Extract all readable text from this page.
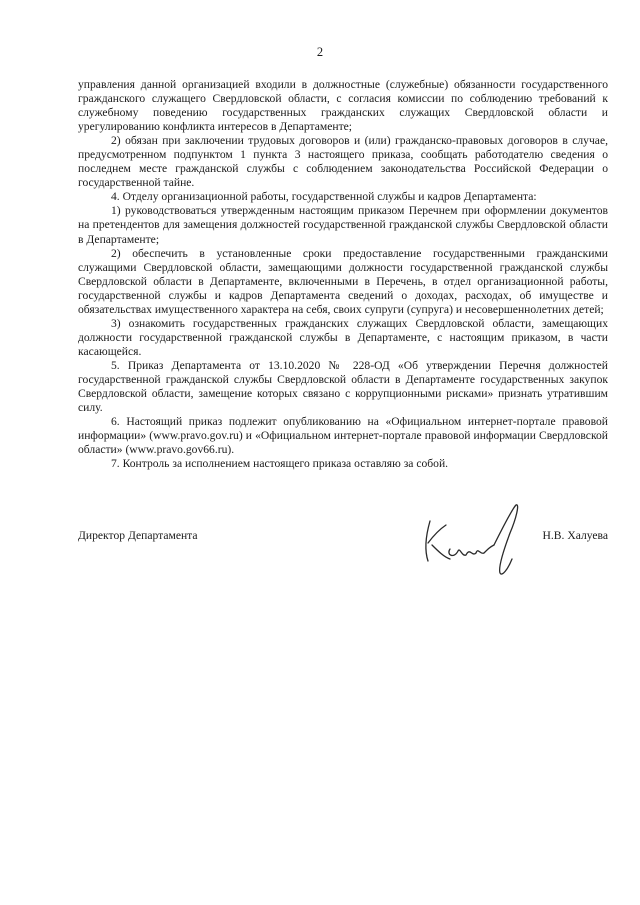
2

управления данной организацией входили в должностные (служебные) обязанности государственного гражданского служащего Свердловской области, с согласия комиссии по соблюдению требований к служебному поведению государственных гражданских служащих Свердловской области и урегулированию конфликта интересов в Департаменте;

2) обязан при заключении трудовых договоров и (или) гражданско-правовых договоров в случае, предусмотренном подпунктом 1 пункта 3 настоящего приказа, сообщать работодателю сведения о последнем месте гражданской службы с соблюдением законодательства Российской Федерации о государственной тайне.

4. Отделу организационной работы, государственной службы и кадров Департамента:

1) руководствоваться утвержденным настоящим приказом Перечнем при оформлении документов на претендентов для замещения должностей государственной гражданской службы Свердловской области в Департаменте;

2) обеспечить в установленные сроки предоставление государственными гражданскими служащими Свердловской области, замещающими должности государственной гражданской службы Свердловской области в Департаменте, включенными в Перечень, в отдел организационной работы, государственной службы и кадров Департамента сведений о доходах, расходах, об имуществе и обязательствах имущественного характера на себя, своих супруги (супруга) и несовершеннолетних детей;

3) ознакомить государственных гражданских служащих Свердловской области, замещающих должности государственной гражданской службы в Департаменте, с настоящим приказом, в части касающейся.

5. Приказ Департамента от 13.10.2020 № 228-ОД «Об утверждении Перечня должностей государственной гражданской службы Свердловской области в Департаменте государственных закупок Свердловской области, замещение которых связано с коррупционными рисками» признать утратившим силу.

6. Настоящий приказ подлежит опубликованию на «Официальном интернет-портале правовой информации» (www.pravo.gov.ru) и «Официальном интернет-портале правовой информации Свердловской области» (www.pravo.gov66.ru).

7. Контроль за исполнением настоящего приказа оставляю за собой.

Директор Департамента	Н.В. Халуева
